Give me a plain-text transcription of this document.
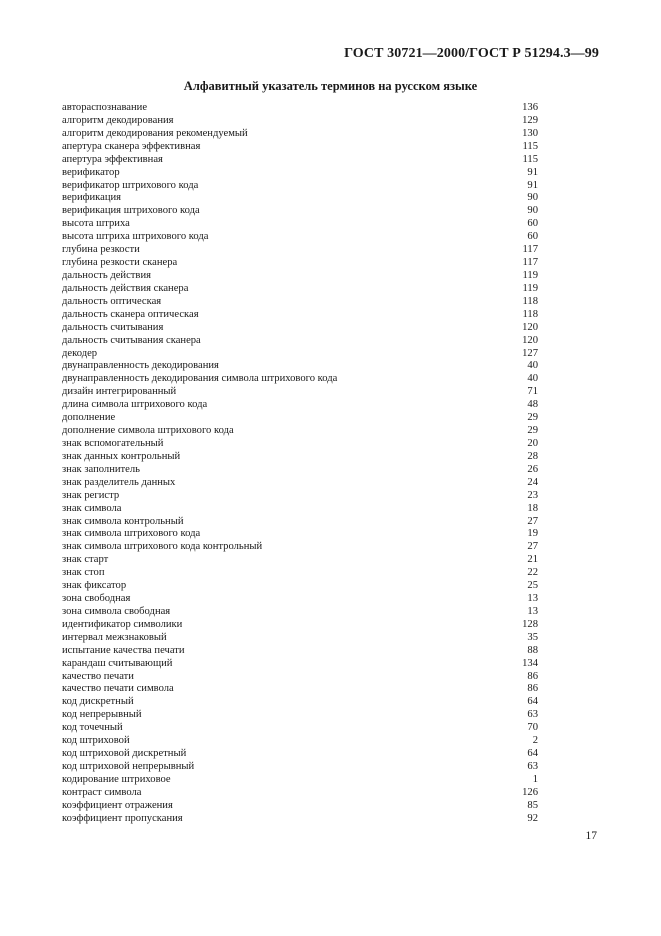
ГОСТ 30721—2000/ГОСТ Р 51294.3—99
Алфавитный указатель терминов на русском языке
автораспознавание	136
алгоритм декодирования	129
алгоритм декодирования рекомендуемый	130
апертура сканера эффективная	115
апертура эффективная	115
верификатор	91
верификатор штрихового кода	91
верификация	90
верификация штрихового кода	90
высота штриха	60
высота штриха штрихового кода	60
глубина резкости	117
глубина резкости сканера	117
дальность действия	119
дальность действия сканера	119
дальность оптическая	118
дальность сканера оптическая	118
дальность считывания	120
дальность считывания сканера	120
декодер	127
двунаправленность декодирования	40
двунаправленность декодирования символа штрихового кода	40
дизайн интегрированный	71
длина символа штрихового кода	48
дополнение	29
дополнение символа штрихового кода	29
знак вспомогательный	20
знак данных контрольный	28
знак заполнитель	26
знак разделитель данных	24
знак регистр	23
знак символа	18
знак символа контрольный	27
знак символа штрихового кода	19
знак символа штрихового кода контрольный	27
знак старт	21
знак стоп	22
знак фиксатор	25
зона свободная	13
зона символа свободная	13
идентификатор символики	128
интервал межзнаковый	35
испытание качества печати	88
карандаш считывающий	134
качество печати	86
качество печати символа	86
код дискретный	64
код непрерывный	63
код точечный	70
код штриховой	2
код штриховой дискретный	64
код штриховой непрерывный	63
кодирование штриховое	1
контраст символа	126
коэффициент отражения	85
коэффициент пропускания	92
17
